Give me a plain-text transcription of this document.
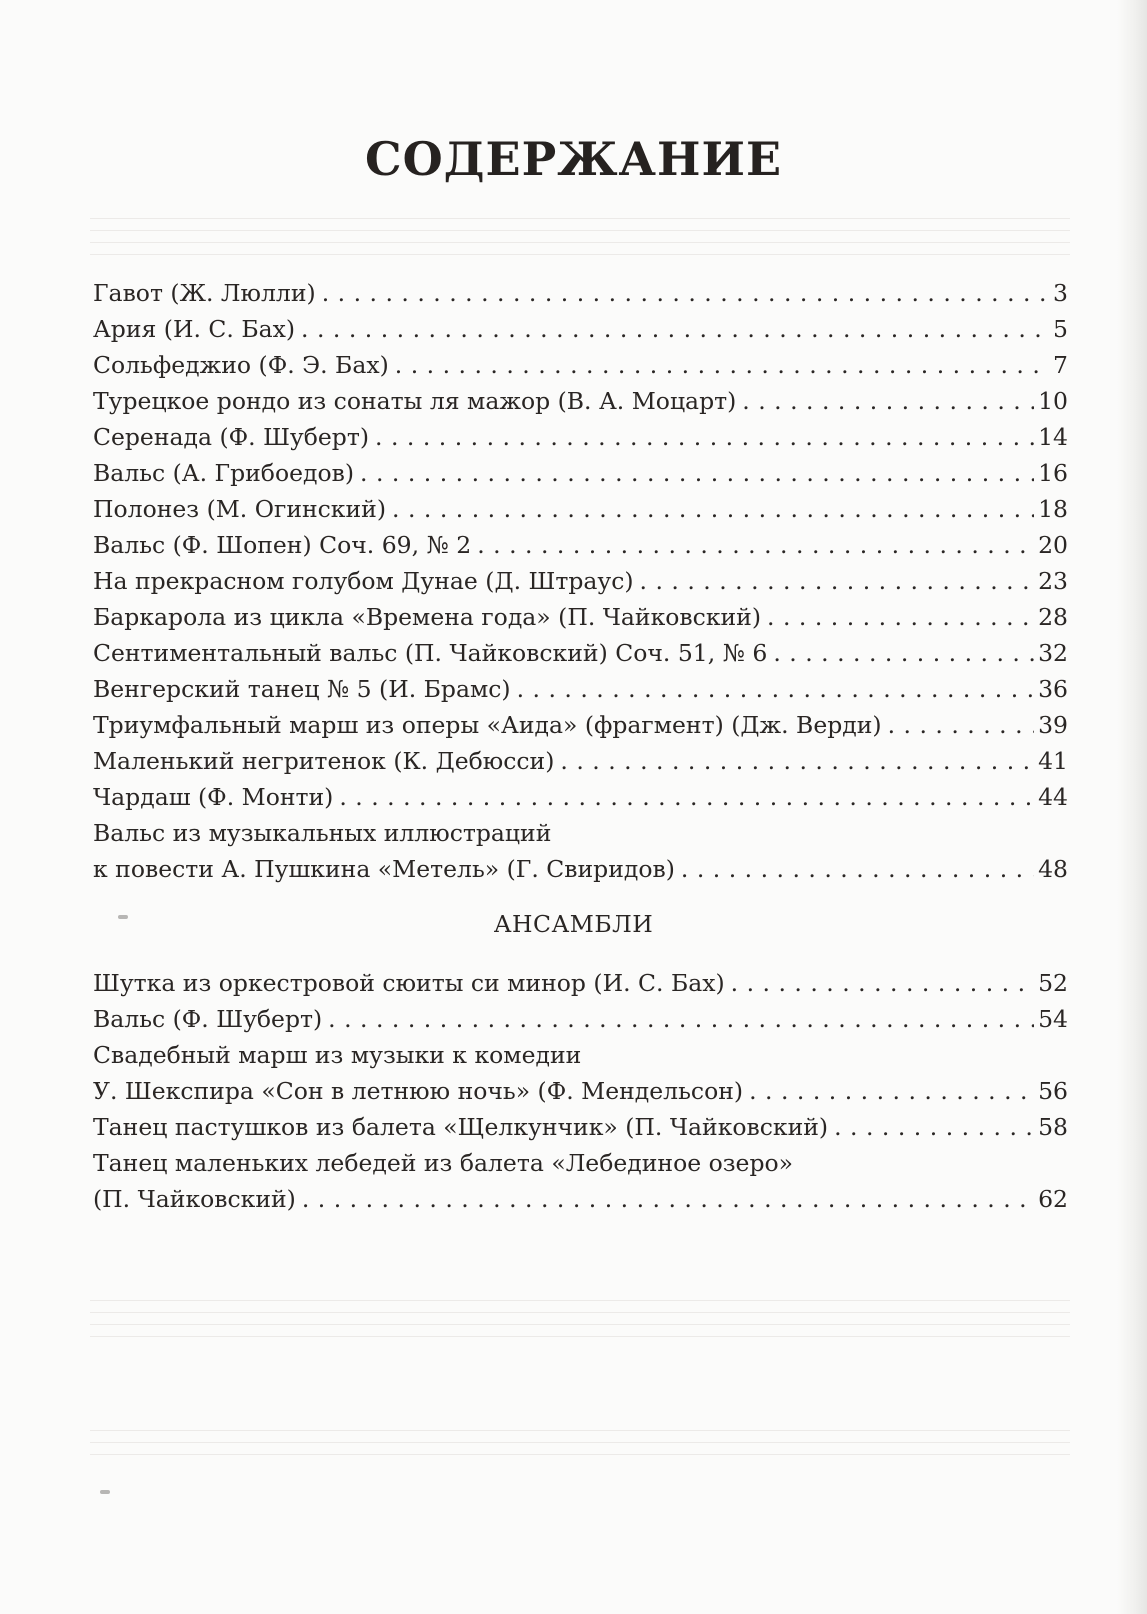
СОДЕРЖАНИЕ
Гавот (Ж. Люлли) . . .	3
Ария (И. С. Бах) . . .	5
Сольфеджио (Ф. Э. Бах) . . .	7
Турецкое рондо из сонаты ля мажор (В. А. Моцарт) . . .	10
Серенада (Ф. Шуберт) . . .	14
Вальс (А. Грибоедов) . . .	16
Полонез (М. Огинский) . . .	18
Вальс (Ф. Шопен) Соч. 69, № 2 . . .	20
На прекрасном голубом Дунае (Д. Штраус) . . .	23
Баркарола из цикла «Времена года» (П. Чайковский) . . .	28
Сентиментальный вальс (П. Чайковский) Соч. 51, № 6 . . .	32
Венгерский танец № 5 (И. Брамс) . . .	36
Триумфальный марш из оперы «Аида» (фрагмент) (Дж. Верди) . . .	39
Маленький негритенок (К. Дебюсси) . . .	41
Чардаш (Ф. Монти) . . .	44
Вальс из музыкальных иллюстраций
к повести А. Пушкина «Метель» (Г. Свиридов) . . .	48
Шутка из оркестровой сюиты си минор (И. С. Бах) . . .	52
Вальс (Ф. Шуберт) . . .	54
Свадебный марш из музыки к комедии
У. Шекспира «Сон в летнюю ночь» (Ф. Мендельсон) . . .	56
Танец пастушков из балета «Щелкунчик» (П. Чайковский) . . .	58
Танец маленьких лебедей из балета «Лебединое озеро»
(П. Чайковский) . . .	62
АНСАМБЛИ
